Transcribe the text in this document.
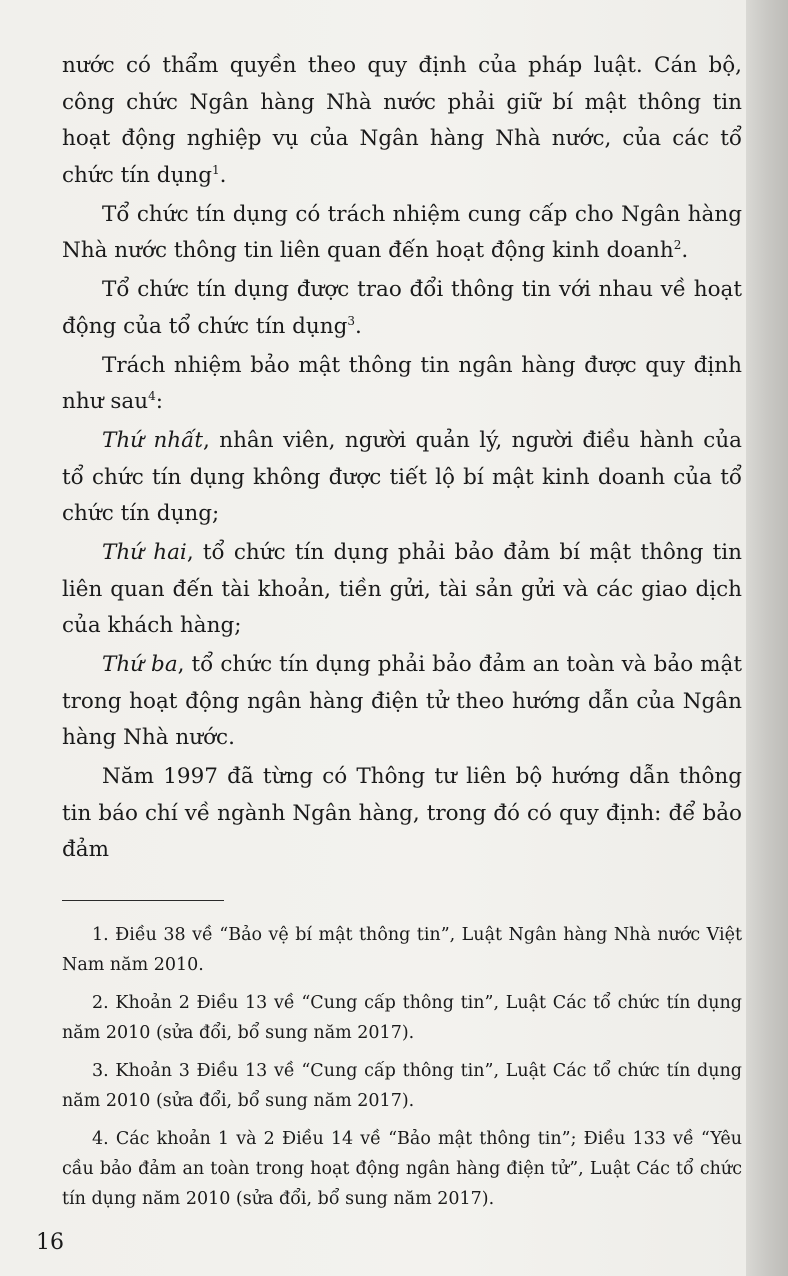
nước có thẩm quyền theo quy định của pháp luật. Cán bộ, công chức Ngân hàng Nhà nước phải giữ bí mật thông tin hoạt động nghiệp vụ của Ngân hàng Nhà nước, của các tổ chức tín dụng$^1$.

Tổ chức tín dụng có trách nhiệm cung cấp cho Ngân hàng Nhà nước thông tin liên quan đến hoạt động kinh doanh$^2$.

Tổ chức tín dụng được trao đổi thông tin với nhau về hoạt động của tổ chức tín dụng$^3$.

Trách nhiệm bảo mật thông tin ngân hàng được quy định như sau$^4$:

Thứ nhất, nhân viên, người quản lý, người điều hành của tổ chức tín dụng không được tiết lộ bí mật kinh doanh của tổ chức tín dụng;

Thứ hai, tổ chức tín dụng phải bảo đảm bí mật thông tin liên quan đến tài khoản, tiền gửi, tài sản gửi và các giao dịch của khách hàng;

Thứ ba, tổ chức tín dụng phải bảo đảm an toàn và bảo mật trong hoạt động ngân hàng điện tử theo hướng dẫn của Ngân hàng Nhà nước.

Năm 1997 đã từng có Thông tư liên bộ hướng dẫn thông tin báo chí về ngành Ngân hàng, trong đó có quy định: để bảo đảm

1. Điều 38 về “Bảo vệ bí mật thông tin”, Luật Ngân hàng Nhà nước Việt Nam năm 2010.

2. Khoản 2 Điều 13 về “Cung cấp thông tin”, Luật Các tổ chức tín dụng năm 2010 (sửa đổi, bổ sung năm 2017).

3. Khoản 3 Điều 13 về “Cung cấp thông tin”, Luật Các tổ chức tín dụng năm 2010 (sửa đổi, bổ sung năm 2017).

4. Các khoản 1 và 2 Điều 14 về “Bảo mật thông tin”; Điều 133 về “Yêu cầu bảo đảm an toàn trong hoạt động ngân hàng điện tử”, Luật Các tổ chức tín dụng năm 2010 (sửa đổi, bổ sung năm 2017).

16
